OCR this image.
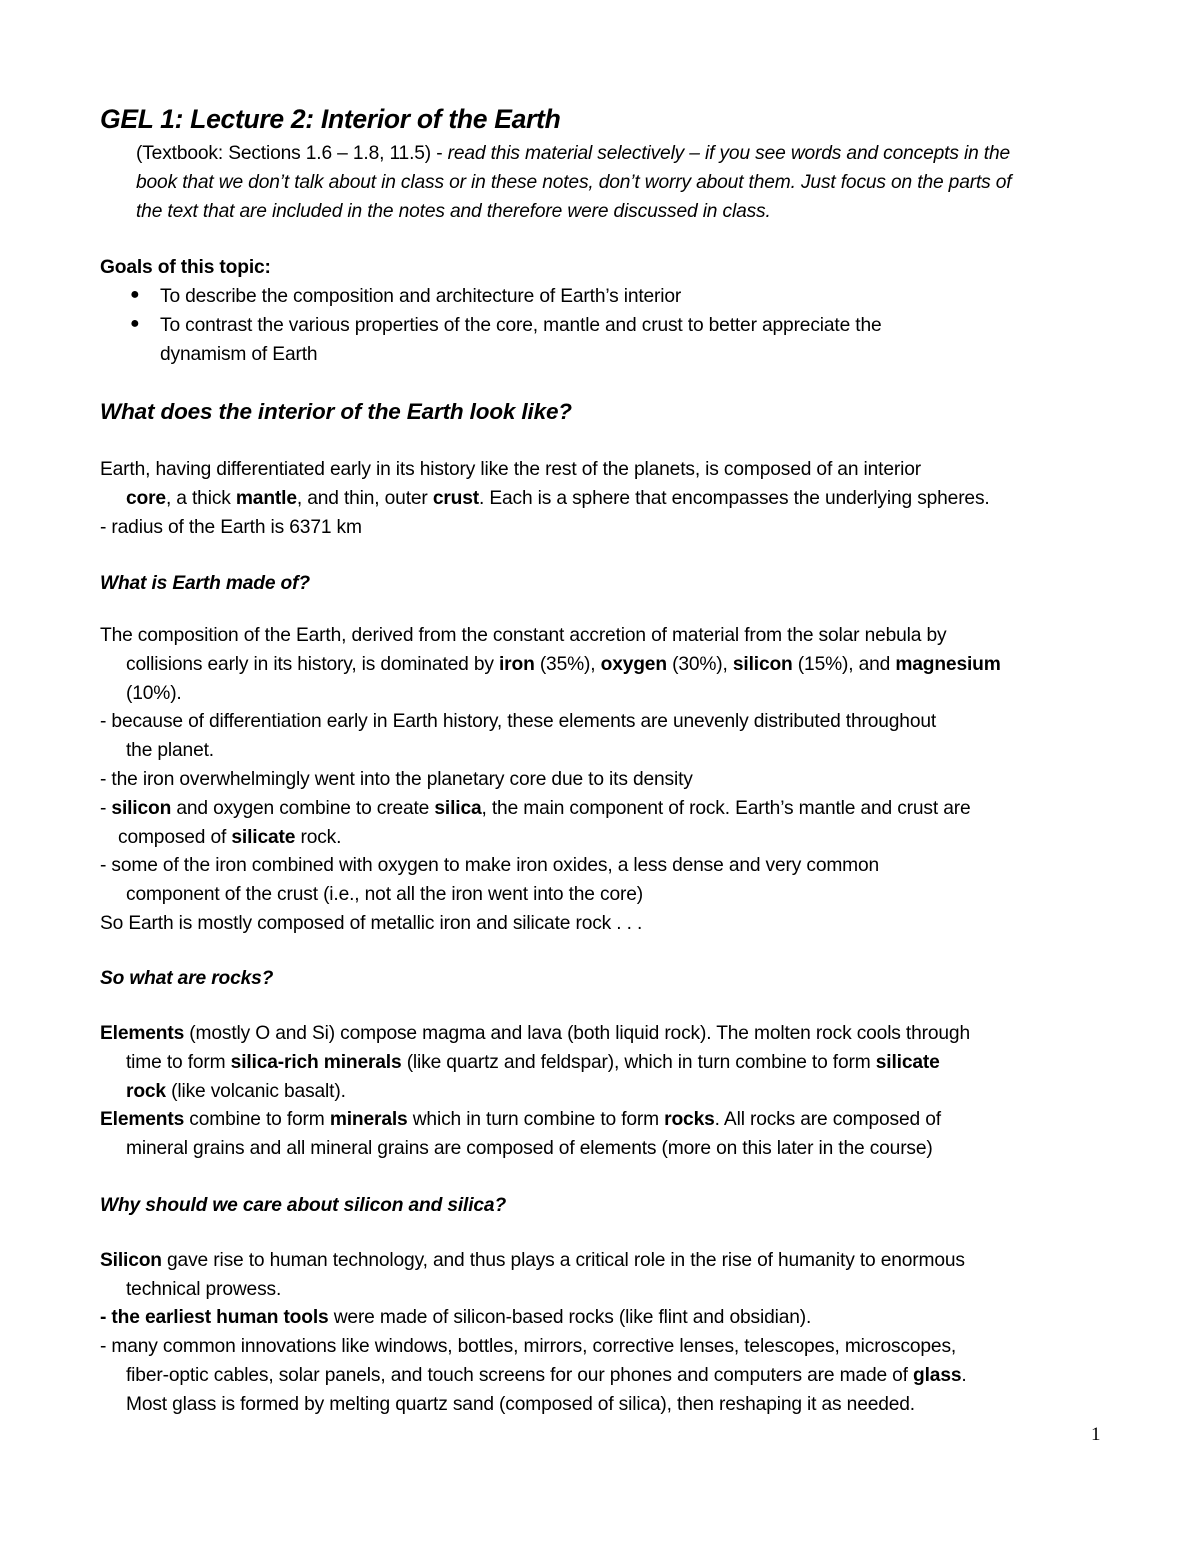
GEL 1: Lecture 2: Interior of the Earth
(Textbook: Sections 1.6 – 1.8, 11.5) - read this material selectively – if you see words and concepts in the
book that we don’t talk about in class or in these notes, don’t worry about them. Just focus on the parts of
the text that are included in the notes and therefore were discussed in class.
Goals of this topic:
● To describe the composition and architecture of Earth’s interior
● To contrast the various properties of the core, mantle and crust to better appreciate the
dynamism of Earth
What does the interior of the Earth look like?
Earth, having differentiated early in its history like the rest of the planets, is composed of an interior
core, a thick mantle, and thin, outer crust. Each is a sphere that encompasses the underlying spheres.
- radius of the Earth is 6371 km
What is Earth made of?
The composition of the Earth, derived from the constant accretion of material from the solar nebula by
collisions early in its history, is dominated by iron (35%), oxygen (30%), silicon (15%), and magnesium
(10%).
- because of differentiation early in Earth history, these elements are unevenly distributed throughout
the planet.
- the iron overwhelmingly went into the planetary core due to its density
- silicon and oxygen combine to create silica, the main component of rock. Earth’s mantle and crust are
composed of silicate rock.
- some of the iron combined with oxygen to make iron oxides, a less dense and very common
component of the crust (i.e., not all the iron went into the core)
So Earth is mostly composed of metallic iron and silicate rock . . .
So what are rocks?
Elements (mostly O and Si) compose magma and lava (both liquid rock). The molten rock cools through
time to form silica-rich minerals (like quartz and feldspar), which in turn combine to form silicate
rock (like volcanic basalt).
Elements combine to form minerals which in turn combine to form rocks. All rocks are composed of
mineral grains and all mineral grains are composed of elements (more on this later in the course)
Why should we care about silicon and silica?
Silicon gave rise to human technology, and thus plays a critical role in the rise of humanity to enormous
technical prowess.
- the earliest human tools were made of silicon-based rocks (like flint and obsidian).
- many common innovations like windows, bottles, mirrors, corrective lenses, telescopes, microscopes,
fiber-optic cables, solar panels, and touch screens for our phones and computers are made of glass.
Most glass is formed by melting quartz sand (composed of silica), then reshaping it as needed.
1
